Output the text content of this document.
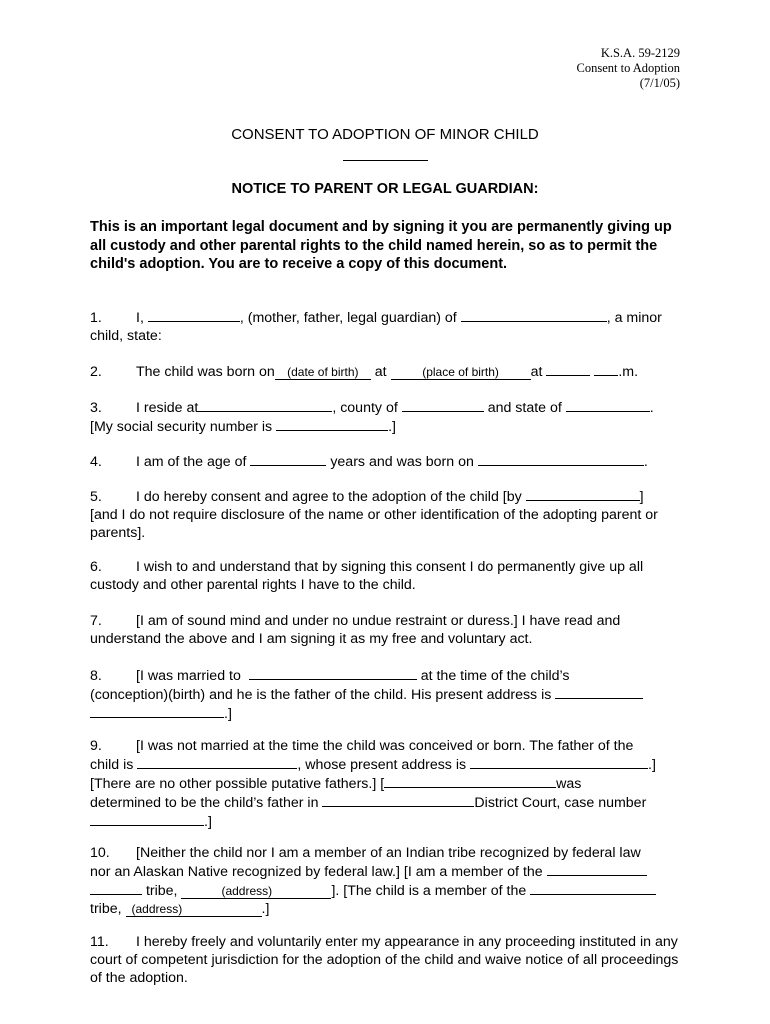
K.S.A. 59-2129
Consent to Adoption
(7/1/05)
CONSENT TO ADOPTION OF MINOR CHILD
NOTICE TO PARENT OR LEGAL GUARDIAN:
This is an important legal document and by signing it you are permanently giving up all custody and other parental rights to the child named herein, so as to permit the child's adoption. You are to receive a copy of this document.
1. I,	, (mother, father, legal guardian) of	, a minor child, state:
2. The child was born on (date of birth) at	(place of birth) at	.m.
3. I reside at	, county of	and state of	.
[My social security number is	.]
4. I am of the age of	years and was born on	.
5. I do hereby consent and agree to the adoption of the child [by	]
[and I do not require disclosure of the name or other identification of the adopting parent or parents].
6. I wish to and understand that by signing this consent I do permanently give up all custody and other parental rights I have to the child.
7. [I am of sound mind and under no undue restraint or duress.] I have read and understand the above and I am signing it as my free and voluntary act.
8. [I was married to	at the time of the child’s
(conception)(birth) and he is the father of the child. His present address is
.]
9. [I was not married at the time the child was conceived or born. The father of the
child is	, whose present address is	.]
[There are no other possible putative fathers.] [	was
determined to be the child’s father in	District Court, case number
.]
10. [Neither the child nor I am a member of an Indian tribe recognized by federal law
nor an Alaskan Native recognized by federal law.] [I am a member of the
tribe,	(address)	]. [The child is a member of the
tribe, (address)	.]
11. I hereby freely and voluntarily enter my appearance in any proceeding instituted in any court of competent jurisdiction for the adoption of the child and waive notice of all proceedings of the adoption.
